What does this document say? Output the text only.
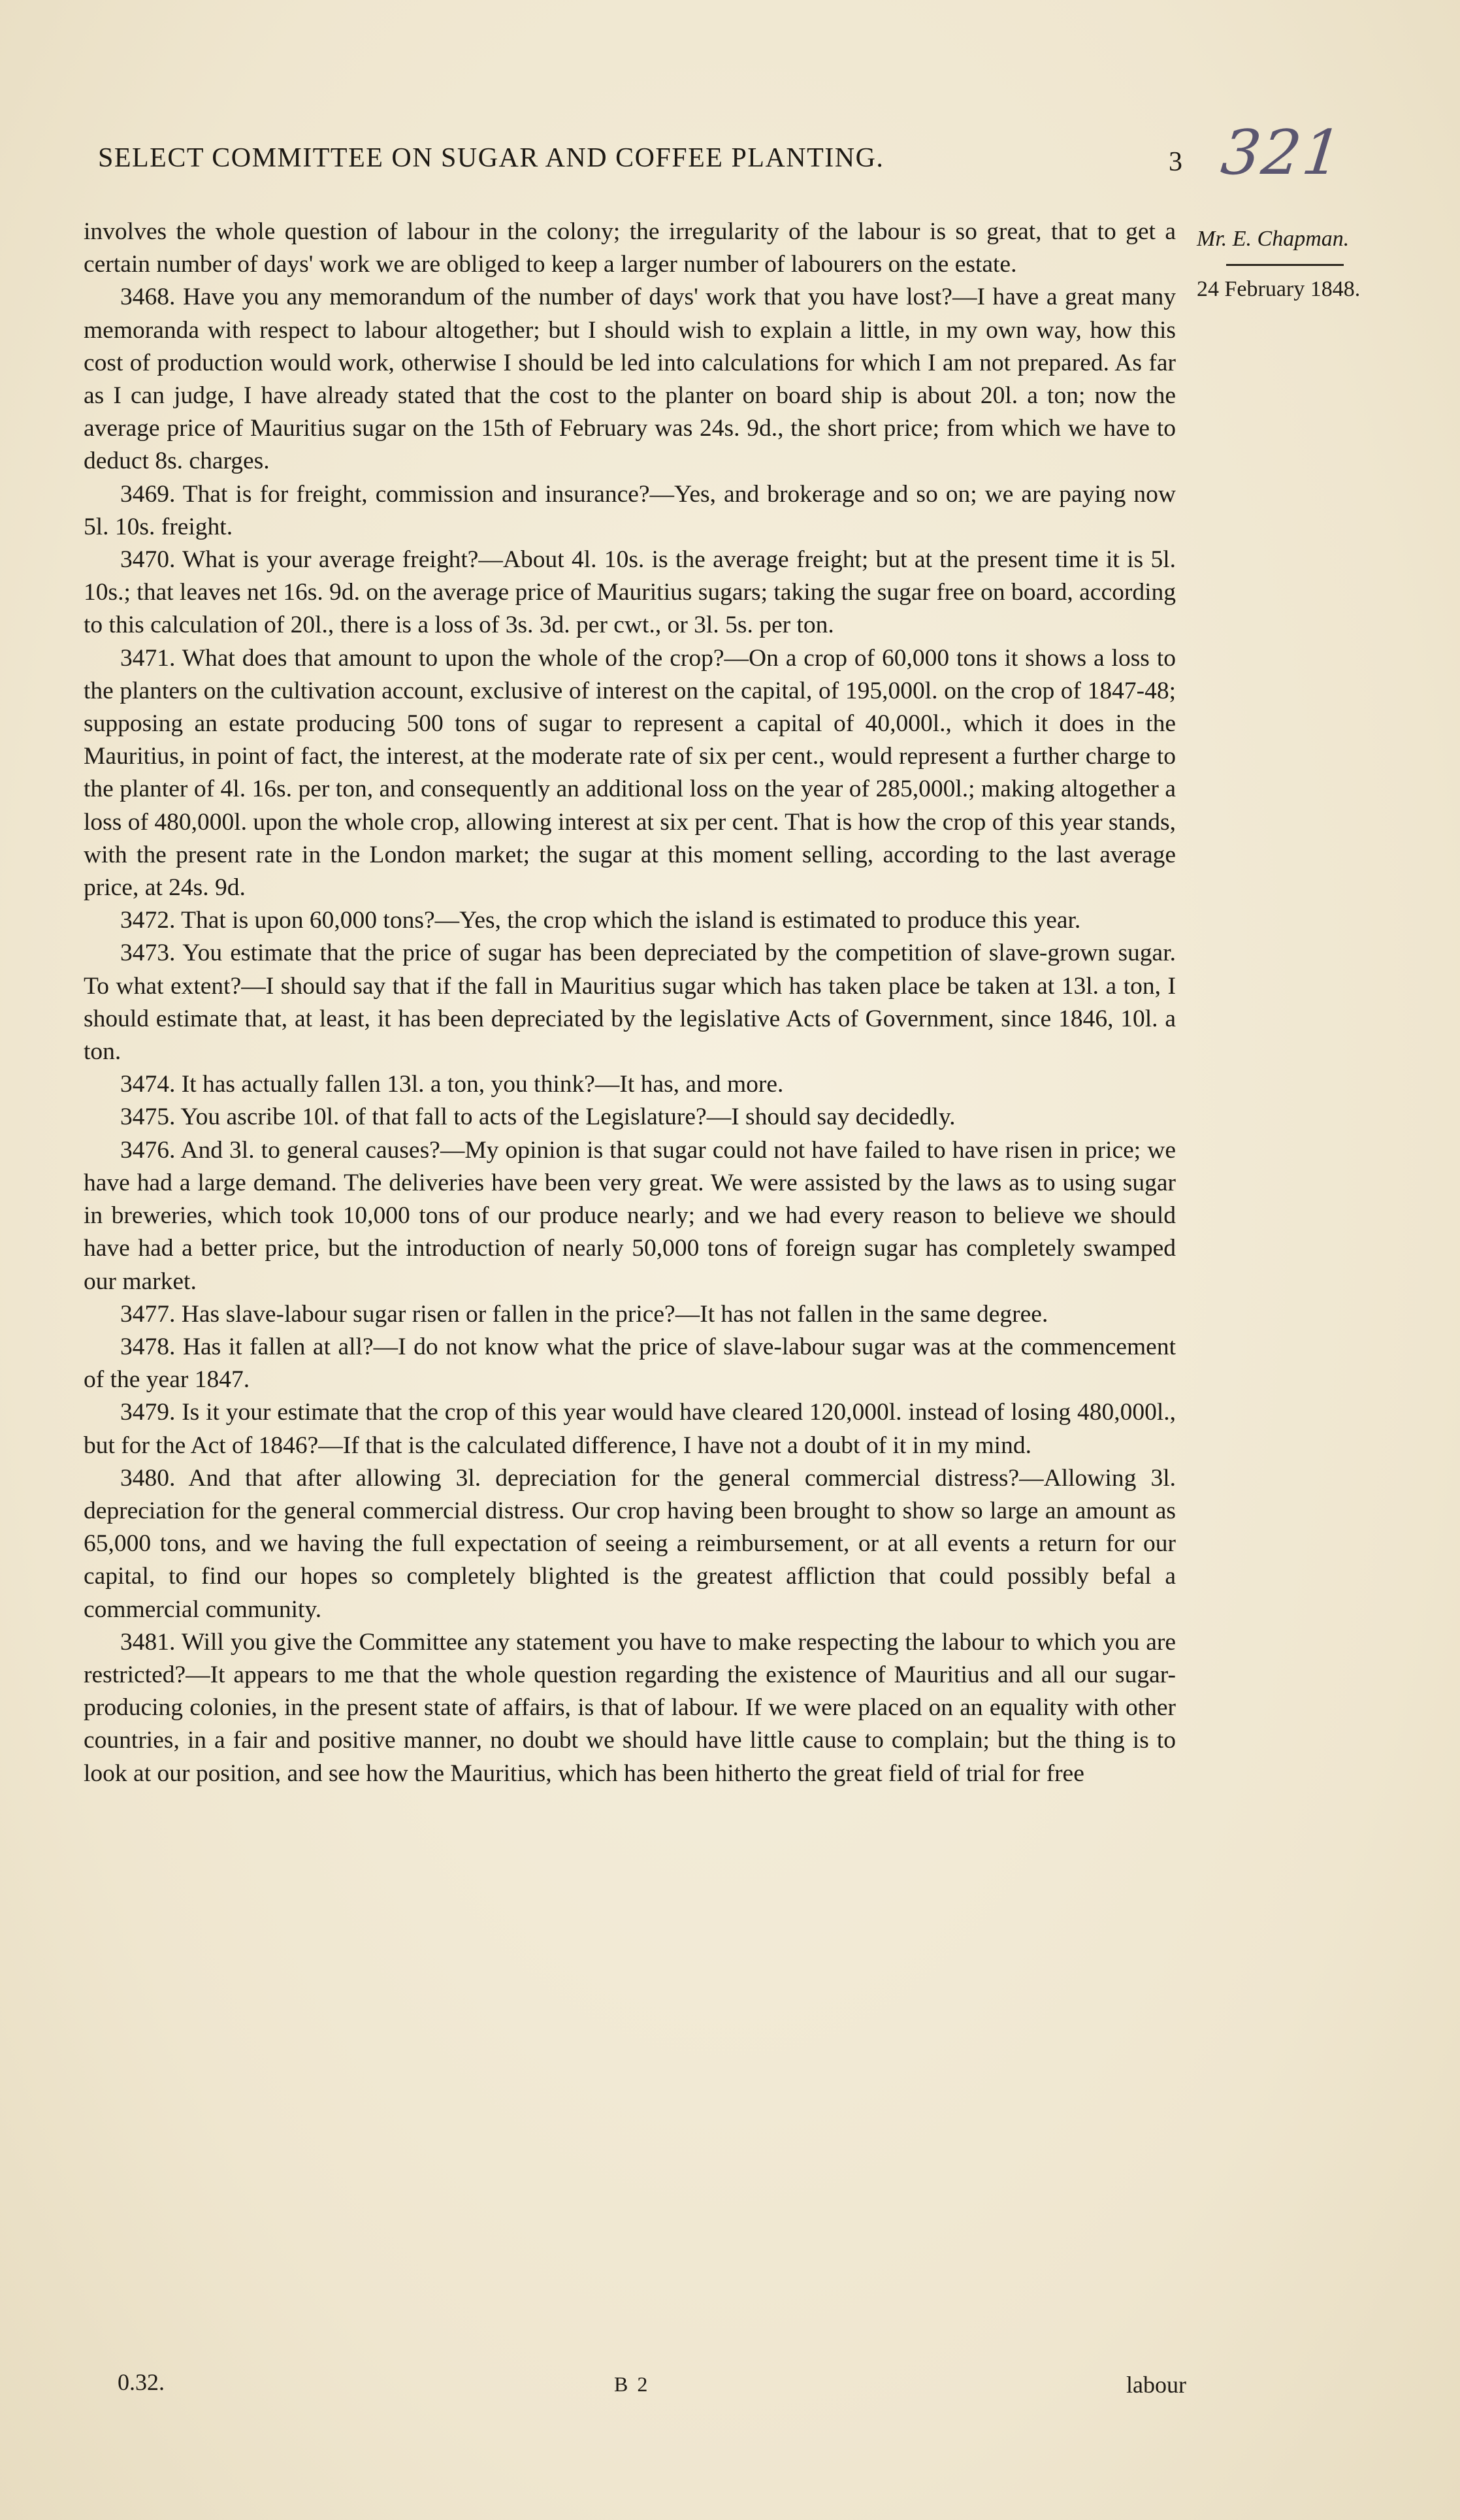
SELECT COMMITTEE ON SUGAR AND COFFEE PLANTING.	3 321
Mr. E. Chapman.
24 February 1848.

involves the whole question of labour in the colony; the irregularity of the labour is so great, that to get a certain number of days' work we are obliged to keep a larger number of labourers on the estate.

3468. Have you any memorandum of the number of days' work that you have lost?—I have a great many memoranda with respect to labour altogether; but I should wish to explain a little, in my own way, how this cost of production would work, otherwise I should be led into calculations for which I am not prepared. As far as I can judge, I have already stated that the cost to the planter on board ship is about 20l. a ton; now the average price of Mauritius sugar on the 15th of February was 24s. 9d., the short price; from which we have to deduct 8s. charges.

3469. That is for freight, commission and insurance?—Yes, and brokerage and so on; we are paying now 5l. 10s. freight.

3470. What is your average freight?—About 4l. 10s. is the average freight; but at the present time it is 5l. 10s.; that leaves net 16s. 9d. on the average price of Mauritius sugars; taking the sugar free on board, according to this calculation of 20l., there is a loss of 3s. 3d. per cwt., or 3l. 5s. per ton.

3471. What does that amount to upon the whole of the crop?—On a crop of 60,000 tons it shows a loss to the planters on the cultivation account, exclusive of interest on the capital, of 195,000l. on the crop of 1847-48; supposing an estate producing 500 tons of sugar to represent a capital of 40,000l., which it does in the Mauritius, in point of fact, the interest, at the moderate rate of six per cent., would represent a further charge to the planter of 4l. 16s. per ton, and consequently an additional loss on the year of 285,000l.; making altogether a loss of 480,000l. upon the whole crop, allowing interest at six per cent. That is how the crop of this year stands, with the present rate in the London market; the sugar at this moment selling, according to the last average price, at 24s. 9d.

3472. That is upon 60,000 tons?—Yes, the crop which the island is estimated to produce this year.

3473. You estimate that the price of sugar has been depreciated by the competition of slave-grown sugar. To what extent?—I should say that if the fall in Mauritius sugar which has taken place be taken at 13l. a ton, I should estimate that, at least, it has been depreciated by the legislative Acts of Government, since 1846, 10l. a ton.

3474. It has actually fallen 13l. a ton, you think?—It has, and more.

3475. You ascribe 10l. of that fall to acts of the Legislature?—I should say decidedly.

3476. And 3l. to general causes?—My opinion is that sugar could not have failed to have risen in price; we have had a large demand. The deliveries have been very great. We were assisted by the laws as to using sugar in breweries, which took 10,000 tons of our produce nearly; and we had every reason to believe we should have had a better price, but the introduction of nearly 50,000 tons of foreign sugar has completely swamped our market.

3477. Has slave-labour sugar risen or fallen in the price?—It has not fallen in the same degree.

3478. Has it fallen at all?—I do not know what the price of slave-labour sugar was at the commencement of the year 1847.

3479. Is it your estimate that the crop of this year would have cleared 120,000l. instead of losing 480,000l., but for the Act of 1846?—If that is the calculated difference, I have not a doubt of it in my mind.

3480. And that after allowing 3l. depreciation for the general commercial distress?—Allowing 3l. depreciation for the general commercial distress. Our crop having been brought to show so large an amount as 65,000 tons, and we having the full expectation of seeing a reimbursement, or at all events a return for our capital, to find our hopes so completely blighted is the greatest affliction that could possibly befal a commercial community.

3481. Will you give the Committee any statement you have to make respecting the labour to which you are restricted?—It appears to me that the whole question regarding the existence of Mauritius and all our sugar-producing colonies, in the present state of affairs, is that of labour. If we were placed on an equality with other countries, in a fair and positive manner, no doubt we should have little cause to complain; but the thing is to look at our position, and see how the Mauritius, which has been hitherto the great field of trial for free

0.32.	B 2	labour
